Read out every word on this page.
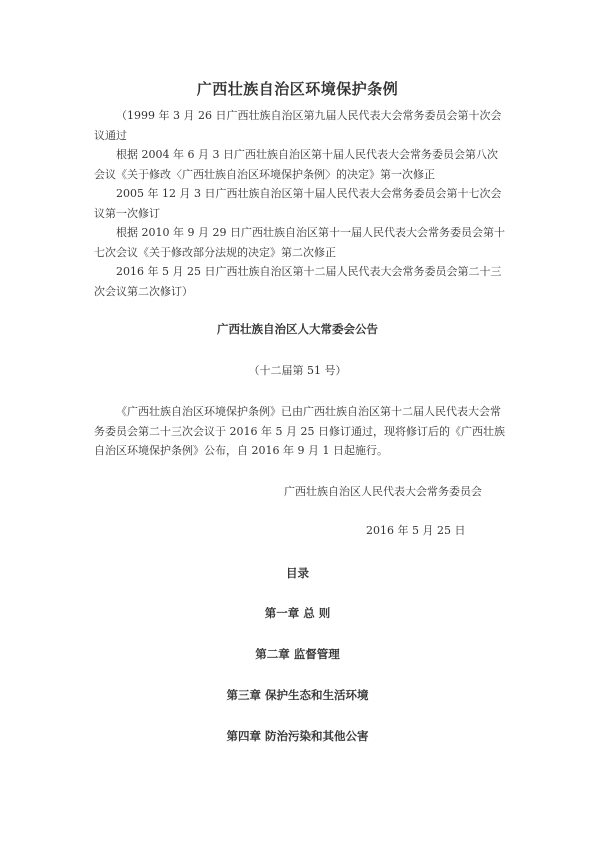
广西壮族自治区环境保护条例

（1999 年 3 月 26 日广西壮族自治区第九届人民代表大会常务委员会第十次会议通过

根据 2004 年 6 月 3 日广西壮族自治区第十届人民代表大会常务委员会第八次会议《关于修改〈广西壮族自治区环境保护条例〉的决定》第一次修正

2005 年 12 月 3 日广西壮族自治区第十届人民代表大会常务委员会第十七次会议第一次修订

根据 2010 年 9 月 29 日广西壮族自治区第十一届人民代表大会常务委员会第十七次会议《关于修改部分法规的决定》第二次修正

2016 年 5 月 25 日广西壮族自治区第十二届人民代表大会常务委员会第二十三次会议第二次修订）

广西壮族自治区人大常委会公告
（十二届第 51 号）
《广西壮族自治区环境保护条例》已由广西壮族自治区第十二届人民代表大会常务委员会第二十三次会议于 2016 年 5 月 25 日修订通过，现将修订后的《广西壮族自治区环境保护条例》公布，自 2016 年 9 月 1 日起施行。
广西壮族自治区人民代表大会常务委员会
2016 年 5 月 25 日
目录
第一章 总 则
第二章 监督管理
第三章 保护生态和生活环境
第四章 防治污染和其他公害
